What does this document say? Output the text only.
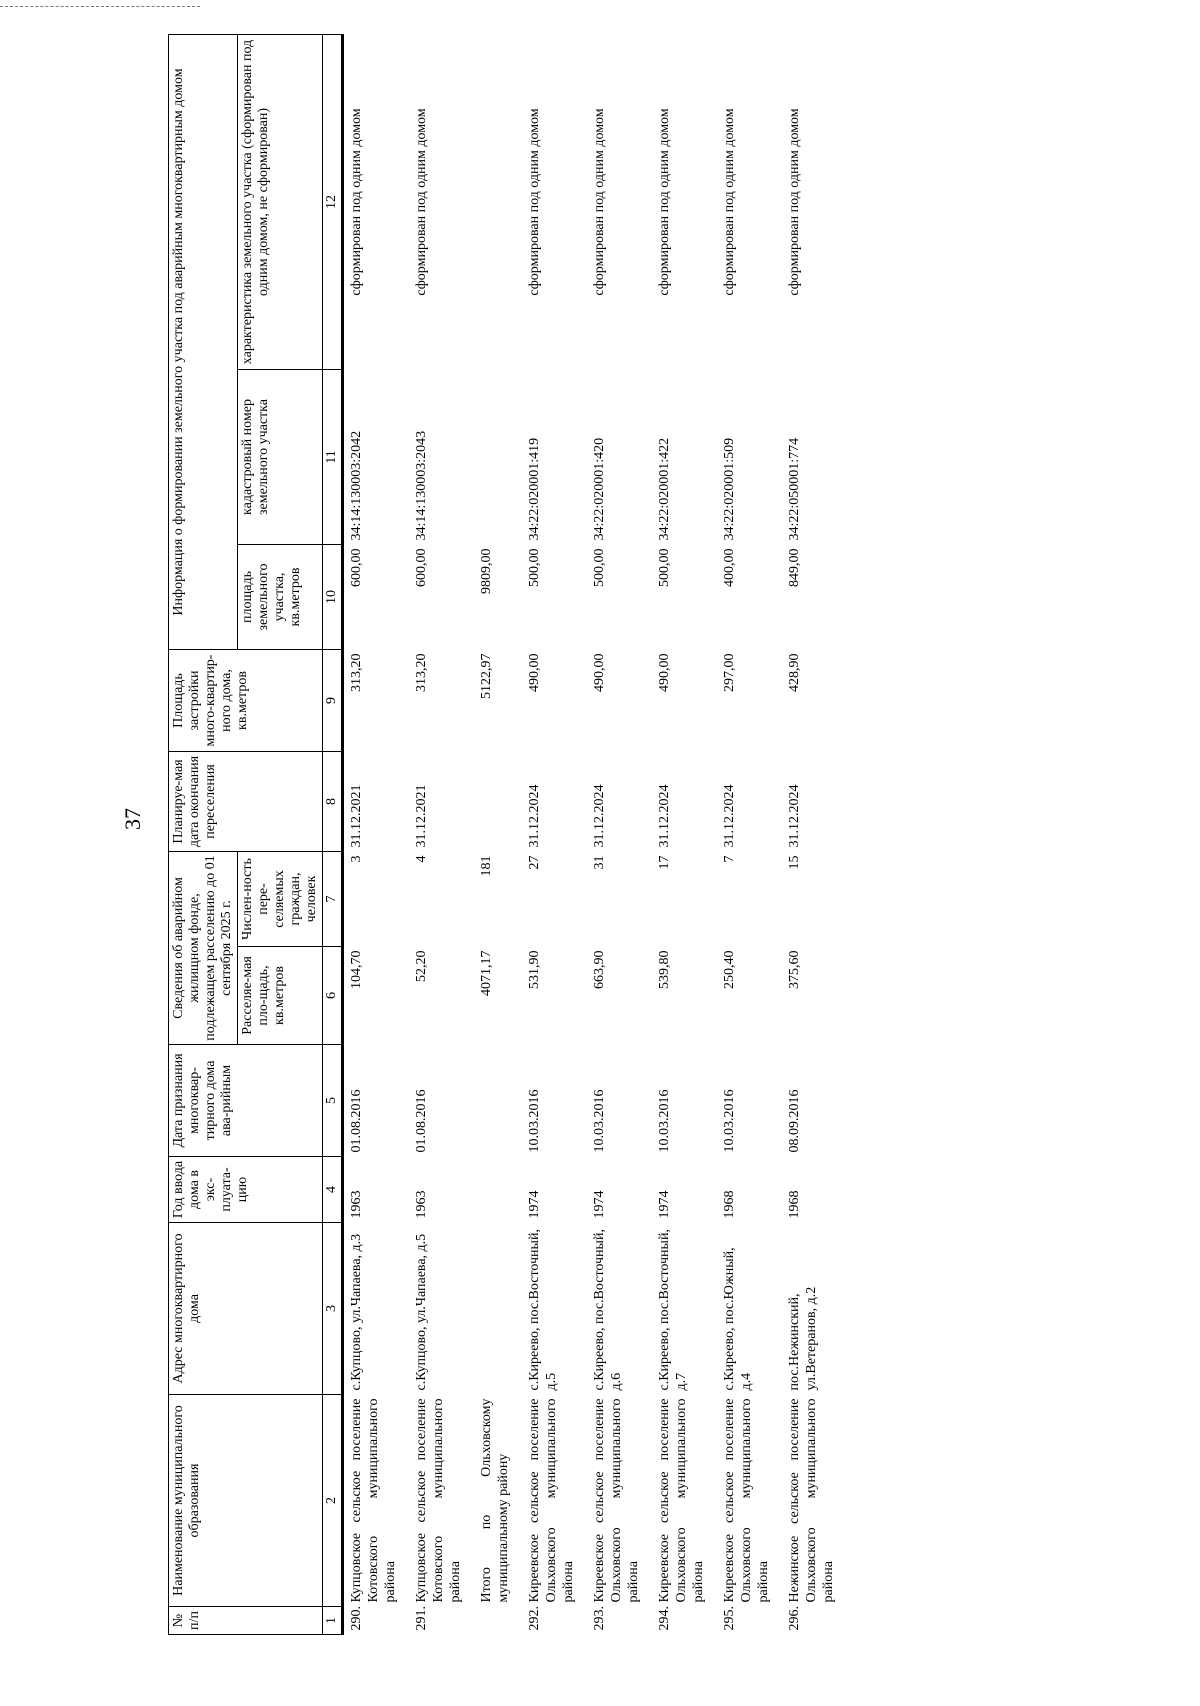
37
№ п/п	Наименование муниципального образования	Адрес многоквартирного дома	Год ввода дома в экс-плуата-цию	Дата признания многоквар-тирного дома ава-рийным	Сведения об аварийном жилищном фонде, подлежащем расселению до 01 сентября 2025 г.		Планируе-мая дата окончания переселения	Площадь застройки много-квартир-ного дома, кв.метров	Информация о формировании земельного участка под аварийным многоквартирным домом		
					Расселяе-мая пло-щадь, кв.метров	Числен-ность пере-селяемых граждан, человек			площадь земельного участка, кв.метров	кадастровый номер земельного участка	характеристика земельного участка (сформирован под одним домом, не сформирован)
1	2	3	4	5	6	7	8	9	10	11	12
290.	Купцовское сельское поселение Котовского муниципального района	с.Купцово, ул.Чапаева, д.3	1963	01.08.2016	104,70	3	31.12.2021	313,20	600,00	34:14:130003:2042	сформирован под одним домом
291.	Купцовское сельское поселение Котовского муниципального района	с.Купцово, ул.Чапаева, д.5	1963	01.08.2016	52,20	4	31.12.2021	313,20	600,00	34:14:130003:2043	сформирован под одним домом
	Итого по Ольховскому муниципальному району				4071,17	181		5122,97	9809,00		
292.	Киреевское сельское поселение Ольховского муниципального района	с.Киреево, пос.Восточный, д.5	1974	10.03.2016	531,90	27	31.12.2024	490,00	500,00	34:22:020001:419	сформирован под одним домом
293.	Киреевское сельское поселение Ольховского муниципального района	с.Киреево, пос.Восточный, д.6	1974	10.03.2016	663,90	31	31.12.2024	490,00	500,00	34:22:020001:420	сформирован под одним домом
294.	Киреевское сельское поселение Ольховского муниципального района	с.Киреево, пос.Восточный, д.7	1974	10.03.2016	539,80	17	31.12.2024	490,00	500,00	34:22:020001:422	сформирован под одним домом
295.	Киреевское сельское поселение Ольховского муниципального района	с.Киреево, пос.Южный, д.4	1968	10.03.2016	250,40	7	31.12.2024	297,00	400,00	34:22:020001:509	сформирован под одним домом
296.	Нежинское сельское поселение Ольховского муниципального района	пос.Нежинский, ул.Ветеранов, д.2	1968	08.09.2016	375,60	15	31.12.2024	428,90	849,00	34:22:050001:774	сформирован под одним домом
